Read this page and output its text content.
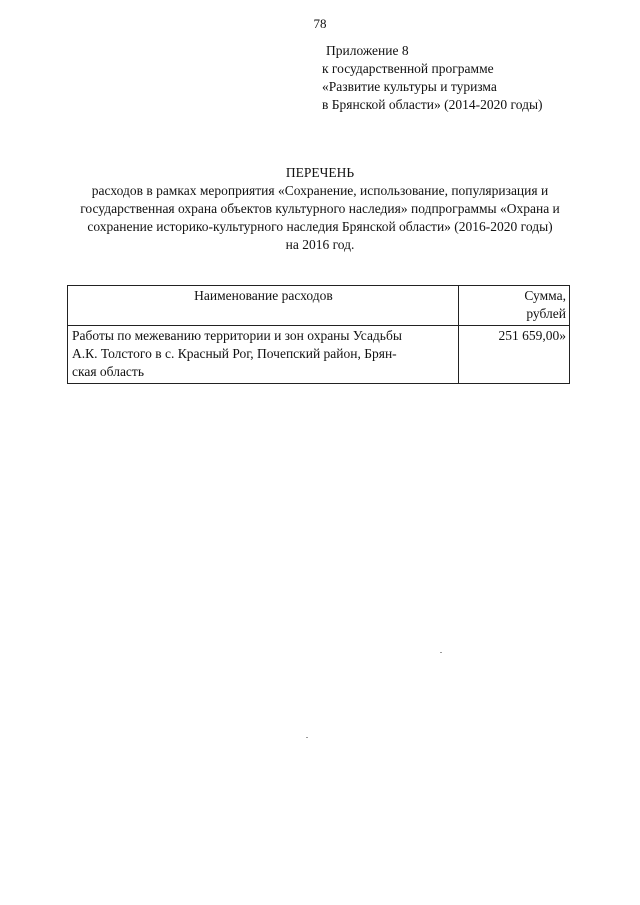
78
Приложение 8
к государственной программе
«Развитие культуры и туризма
в Брянской области» (2014-2020 годы)
ПЕРЕЧЕНЬ
расходов в рамках мероприятия «Сохранение, использование, популяризация и
государственная охрана объектов культурного наследия» подпрограммы «Охрана и
сохранение историко-культурного наследия Брянской области» (2016-2020 годы)
на 2016 год.
Наименование расходов	Сумма,
рублей

Работы по межеванию территории и зон охраны Усадьбы
А.К. Толстого в с. Красный Рог, Почепский район, Брян-
ская область	251 659,00»
